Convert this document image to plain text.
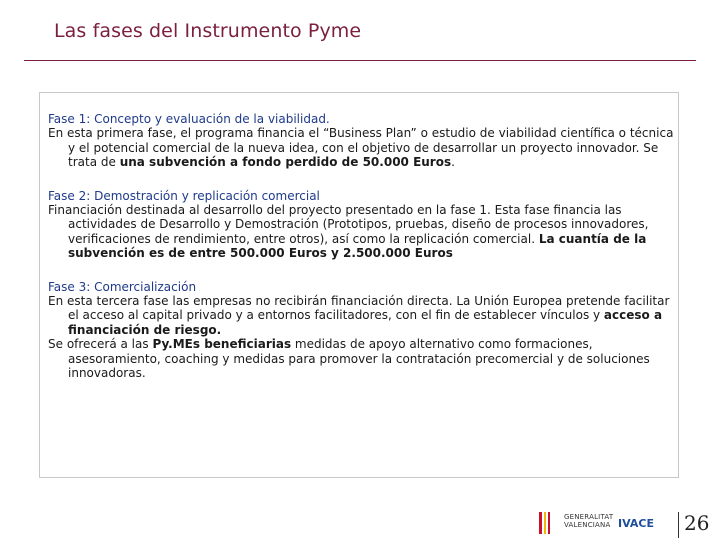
Las fases del Instrumento Pyme

Fase 1: Concepto y evaluación de la viabilidad.

En esta primera fase, el programa financia el “Business Plan” o estudio de viabilidad científica o técnica y el potencial comercial de la nueva idea, con el objetivo de desarrollar un proyecto innovador. Se trata de una subvención a fondo perdido de 50.000 Euros.

Fase 2: Demostración y replicación comercial

Financiación destinada al desarrollo del proyecto presentado en la fase 1. Esta fase financia las actividades de Desarrollo y Demostración (Prototipos, pruebas, diseño de procesos innovadores, verificaciones de rendimiento, entre otros), así como la replicación comercial. La cuantía de la subvención es de entre 500.000 Euros y 2.500.000 Euros

Fase 3: Comercialización

En esta tercera fase las empresas no recibirán financiación directa. La Unión Europea pretende facilitar el acceso al capital privado y a entornos facilitadores, con el fin de establecer vínculos y acceso a financiación de riesgo.

Se ofrecerá a las Py.MEs beneficiarias medidas de apoyo alternativo como formaciones, asesoramiento, coaching y medidas para promover la contratación precomercial y de soluciones innovadoras.

GENERALITAT
VALENCIANA IVACE 26
